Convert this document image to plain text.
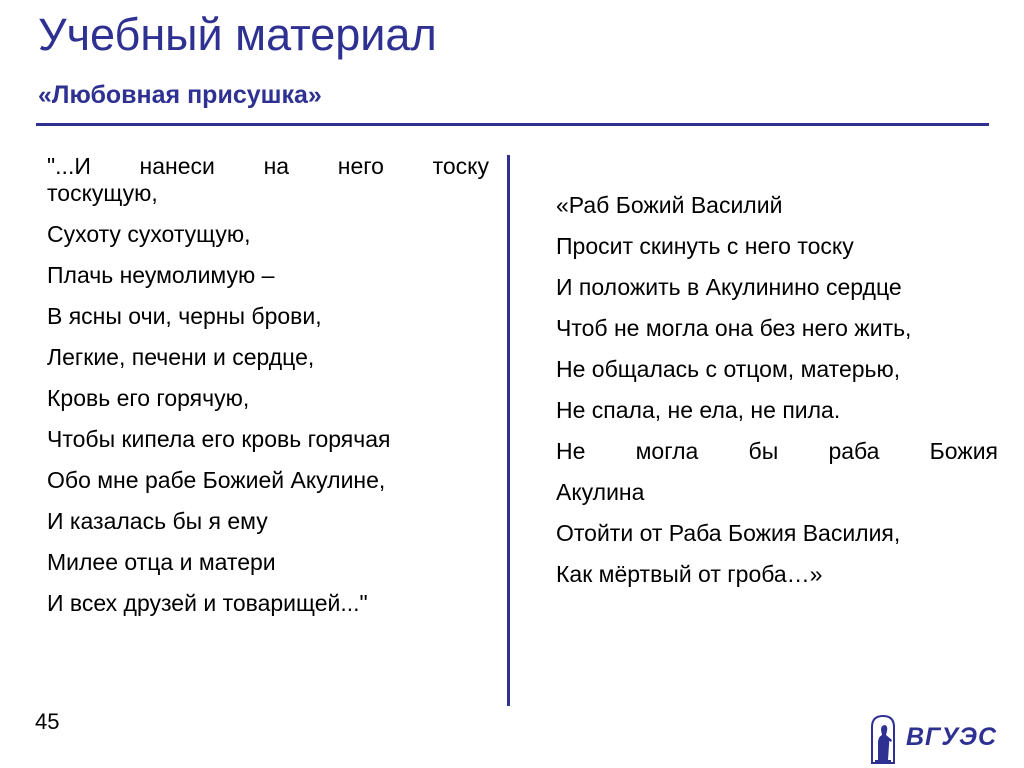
Учебный материал
«Любовная присушка»
"...И нанеси на него тоску
тоскущую,
Сухоту сухотущую,
Плачь неумолимую –
В ясны очи, черны брови,
Легкие, печени и сердце,
Кровь его горячую,
Чтобы кипела его кровь горячая
Обо мне рабе Божией Акулине,
И казалась бы я ему
Милее отца и матери
И всех друзей и товарищей..."
«Раб Божий Василий
Просит скинуть с него тоску
И положить в Акулинино сердце
Чтоб не могла она без него жить,
Не общалась с отцом, матерью,
Не спала, не ела, не пила.
Не могла бы раба Божия
Акулина
Отойти от Раба Божия Василия,
Как мёртвый от гроба…»
45
ВГУЭС
